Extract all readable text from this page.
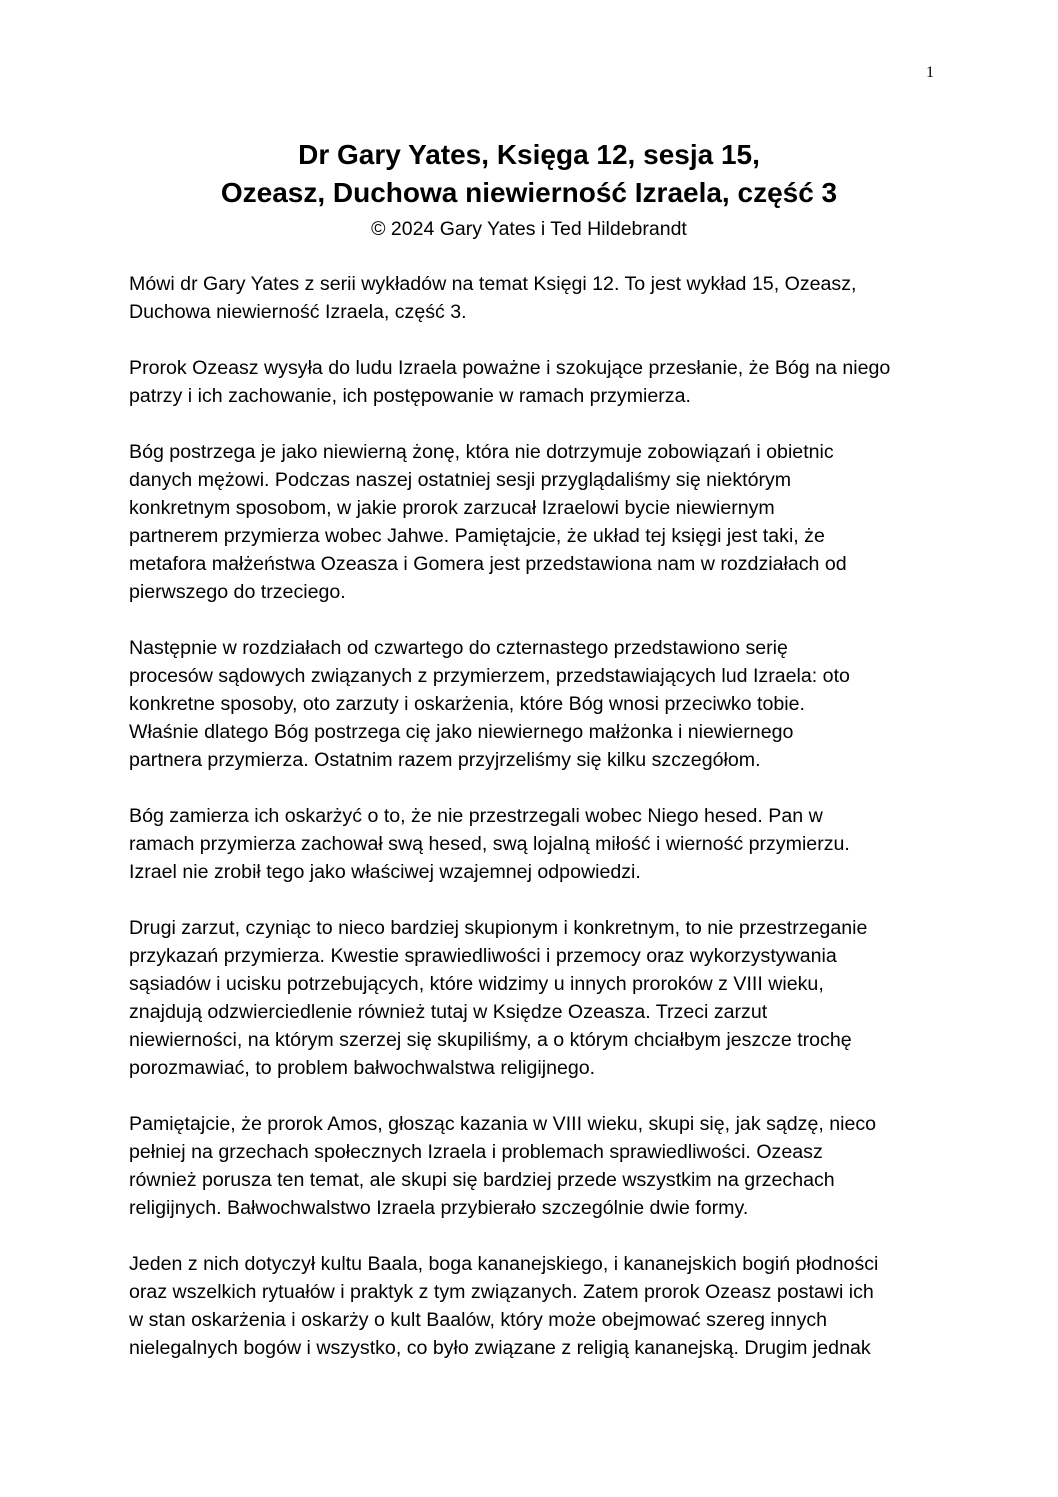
1
Dr Gary Yates, Księga 12, sesja 15,
Ozeasz, Duchowa niewierność Izraela, część 3
© 2024 Gary Yates i Ted Hildebrandt
Mówi dr Gary Yates z serii wykładów na temat Księgi 12. To jest wykład 15, Ozeasz,
Duchowa niewierność Izraela, część 3.
Prorok Ozeasz wysyła do ludu Izraela poważne i szokujące przesłanie, że Bóg na niego
patrzy i ich zachowanie, ich postępowanie w ramach przymierza.
Bóg postrzega je jako niewierną żonę, która nie dotrzymuje zobowiązań i obietnic
danych mężowi. Podczas naszej ostatniej sesji przyglądaliśmy się niektórym
konkretnym sposobom, w jakie prorok zarzucał Izraelowi bycie niewiernym
partnerem przymierza wobec Jahwe. Pamiętajcie, że układ tej księgi jest taki, że
metafora małżeństwa Ozeasza i Gomera jest przedstawiona nam w rozdziałach od
pierwszego do trzeciego.
Następnie w rozdziałach od czwartego do czternastego przedstawiono serię
procesów sądowych związanych z przymierzem, przedstawiających lud Izraela: oto
konkretne sposoby, oto zarzuty i oskarżenia, które Bóg wnosi przeciwko tobie.
Właśnie dlatego Bóg postrzega cię jako niewiernego małżonka i niewiernego
partnera przymierza. Ostatnim razem przyjrzeliśmy się kilku szczegółom.
Bóg zamierza ich oskarżyć o to, że nie przestrzegali wobec Niego hesed. Pan w
ramach przymierza zachował swą hesed, swą lojalną miłość i wierność przymierzu.
Izrael nie zrobił tego jako właściwej wzajemnej odpowiedzi.
Drugi zarzut, czyniąc to nieco bardziej skupionym i konkretnym, to nie przestrzeganie
przykazań przymierza. Kwestie sprawiedliwości i przemocy oraz wykorzystywania
sąsiadów i ucisku potrzebujących, które widzimy u innych proroków z VIII wieku,
znajdują odzwierciedlenie również tutaj w Księdze Ozeasza. Trzeci zarzut
niewierności, na którym szerzej się skupiliśmy, a o którym chciałbym jeszcze trochę
porozmawiać, to problem bałwochwalstwa religijnego.
Pamiętajcie, że prorok Amos, głosząc kazania w VIII wieku, skupi się, jak sądzę, nieco
pełniej na grzechach społecznych Izraela i problemach sprawiedliwości. Ozeasz
również porusza ten temat, ale skupi się bardziej przede wszystkim na grzechach
religijnych. Bałwochwalstwo Izraela przybierało szczególnie dwie formy.
Jeden z nich dotyczył kultu Baala, boga kananejskiego, i kananejskich bogiń płodności
oraz wszelkich rytuałów i praktyk z tym związanych. Zatem prorok Ozeasz postawi ich
w stan oskarżenia i oskarży o kult Baalów, który może obejmować szereg innych
nielegalnych bogów i wszystko, co było związane z religią kananejską. Drugim jednak
